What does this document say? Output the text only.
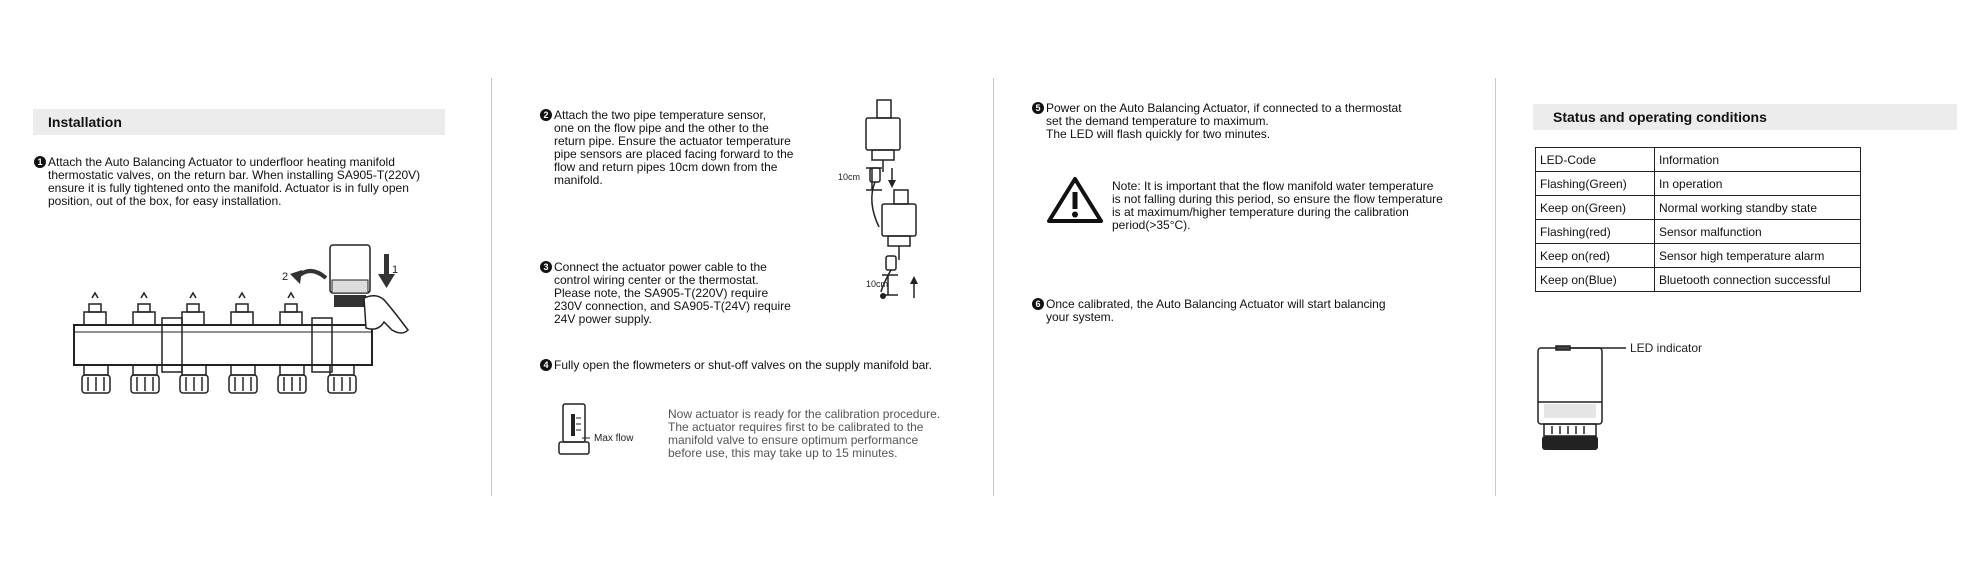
Installation
1 Attach the Auto Balancing Actuator to underfloor heating manifold
thermostatic valves, on the return bar. When installing SA905-T(220V)
ensure it is fully tightened onto the manifold. Actuator is in fully open
position, out of the box, for easy installation.
1
2
2 Attach the two pipe temperature sensor,
one on the flow pipe and the other to the
return pipe. Ensure the actuator temperature
pipe sensors are placed facing forward to the
flow and return pipes 10cm down from the
manifold.	10cm
10cm
3 Connect the actuator power cable to the
control wiring center or the thermostat.
Please note, the SA905-T(220V) require
230V connection, and SA905-T(24V) require
24V power supply.
4 Fully open the flowmeters or shut-off valves on the supply manifold bar.
Max flow
Now actuator is ready for the calibration procedure.
The actuator requires first to be calibrated to the
manifold valve to ensure optimum performance
before use, this may take up to 15 minutes.
5 Power on the Auto Balancing Actuator, if connected to a thermostat
set the demand temperature to maximum.
The LED will flash quickly for two minutes.
Note: It is important that the flow manifold water temperature
is not falling during this period, so ensure the flow temperature
is at maximum/higher temperature during the calibration
period(>35°C).
6 Once calibrated, the Auto Balancing Actuator will start balancing
your system.
Status and operating conditions
LED-Code	Information
Flashing(Green)	In operation
Keep on(Green)	Normal working standby state
Flashing(red)	Sensor malfunction
Keep on(red)	Sensor high temperature alarm
Keep on(Blue)	Bluetooth connection successful
LED indicator
